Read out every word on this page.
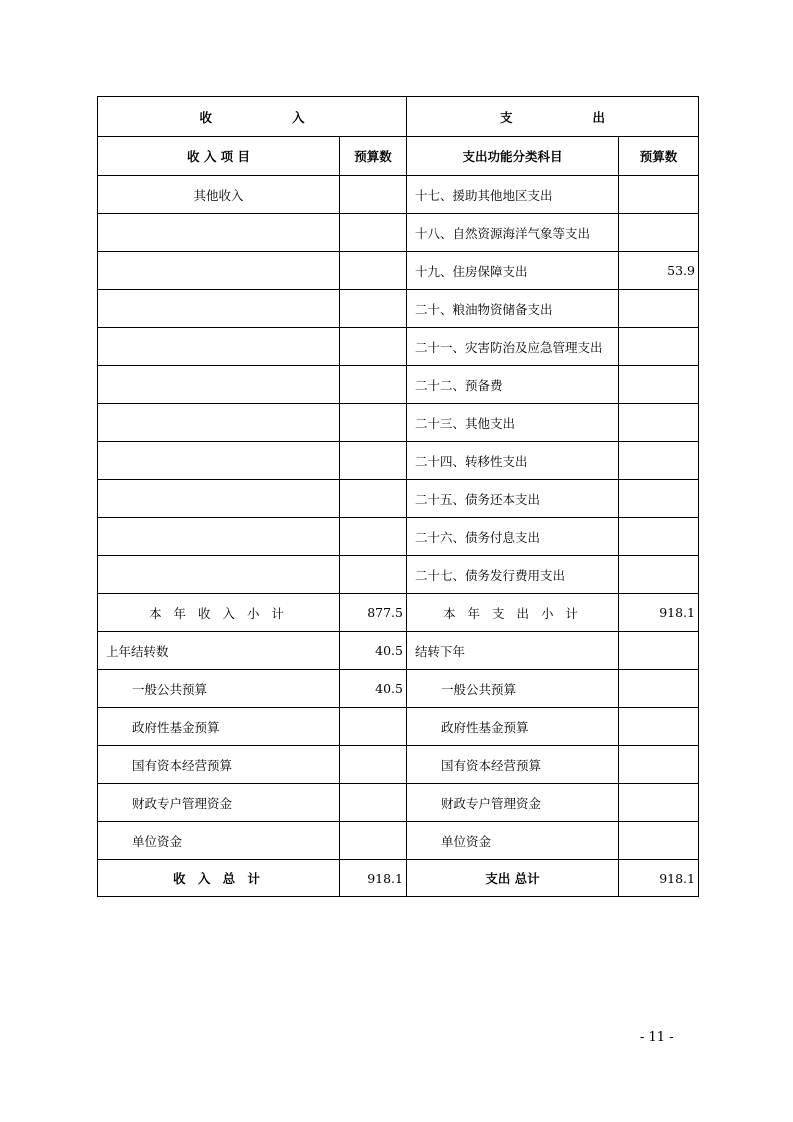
收 入		支 出	
收 入 项 目	预算数	支出功能分类科目	预算数
其他收入		十七、援助其他地区支出	
		十八、自然资源海洋气象等支出	
		十九、住房保障支出	53.9
		二十、粮油物资储备支出	
		二十一、灾害防治及应急管理支出	
		二十二、预备费	
		二十三、其他支出	
		二十四、转移性支出	
		二十五、债务还本支出	
		二十六、债务付息支出	
		二十七、债务发行费用支出	
本 年 收 入 小 计	877.5	本 年 支 出 小 计	918.1
上年结转数	40.5	结转下年	
一般公共预算	40.5	一般公共预算	
政府性基金预算		政府性基金预算	
国有资本经营预算		国有资本经营预算	
财政专户管理资金		财政专户管理资金	
单位资金		单位资金	
收 入 总 计	918.1	支出 总计	918.1
- 11 -
